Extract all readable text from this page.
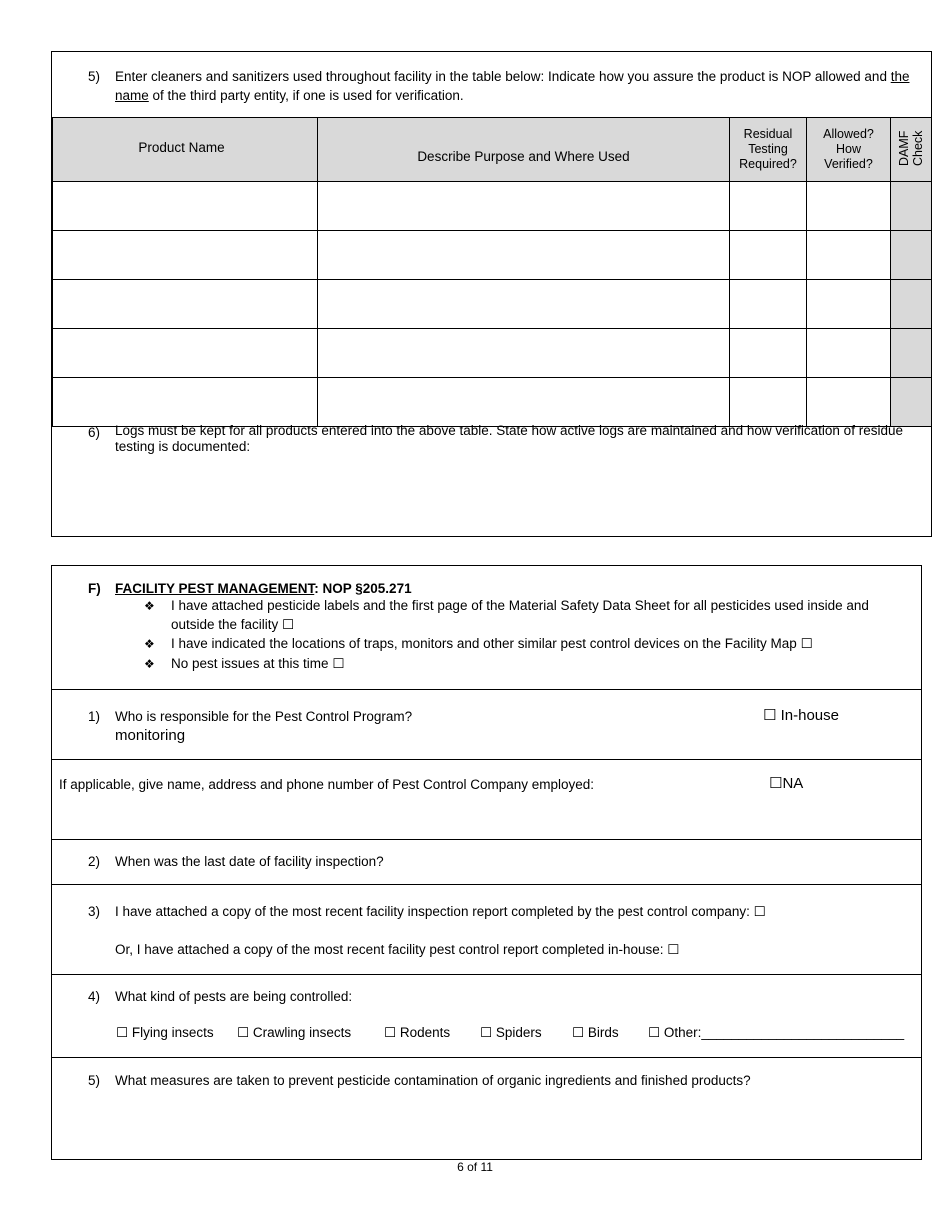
5) Enter cleaners and sanitizers used throughout facility in the table below: Indicate how you assure the product is NOP allowed and the name of the third party entity, if one is used for verification.
Product Name	Describe Purpose and Where Used	Residual Testing Required?	Allowed? How Verified?	DAMF Check

6) Logs must be kept for all products entered into the above table. State how active logs are maintained and how verification of residue testing is documented:
F) FACILITY PEST MANAGEMENT: NOP §205.271
❖ I have attached pesticide labels and the first page of the Material Safety Data Sheet for all pesticides used inside and outside the facility ☐
❖ I have indicated the locations of traps, monitors and other similar pest control devices on the Facility Map ☐
❖ No pest issues at this time ☐
1) Who is responsible for the Pest Control Program?	☐ In-house
monitoring
If applicable, give name, address and phone number of Pest Control Company employed:	☐NA
2) When was the last date of facility inspection?
3) I have attached a copy of the most recent facility inspection report completed by the pest control company: ☐
Or, I have attached a copy of the most recent facility pest control report completed in-house: ☐
4) What kind of pests are being controlled:
☐ Flying insects ☐ Crawling insects ☐ Rodents ☐ Spiders ☐ Birds ☐ Other:___________________________
5) What measures are taken to prevent pesticide contamination of organic ingredients and finished products?
6 of 11
